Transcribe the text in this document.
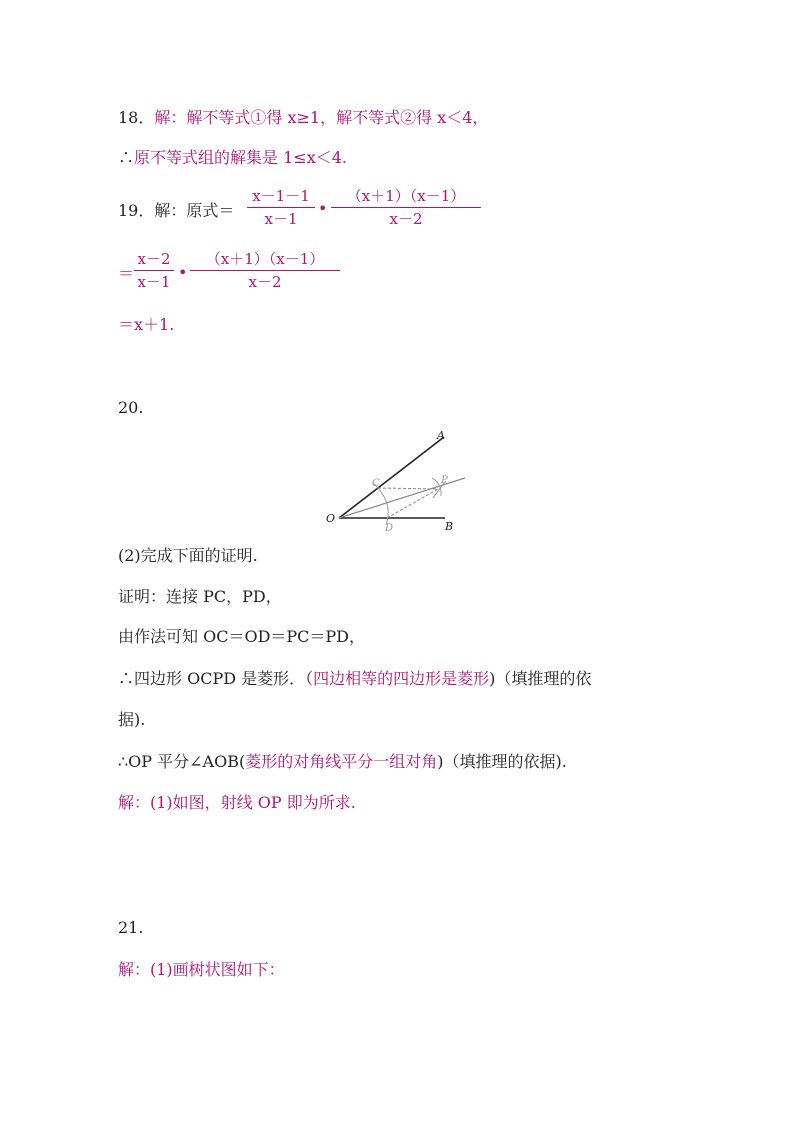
18．解：解不等式①得 x≥1，解不等式②得 x＜4，
∴原不等式组的解集是 1≤x＜4.
19．解：原式＝
x－1－1
x－1
•
（x＋1）（x－1）
x－2
＝
x－2
x－1 •
（x＋1）（x－1）
x－2
＝x＋1.
20.
A
B
O
C
D
P
(2)完成下面的证明.
证明：连接 PC，PD，
由作法可知 OC＝OD＝PC＝PD，
∴四边形 OCPD 是菱形．（四边相等的四边形是菱形)（填推理的依
据).
∴OP 平分∠AOB(菱形的对角线平分一组对角)（填推理的依据).
解：(1)如图，射线 OP 即为所求.
21.
解：(1)画树状图如下：
